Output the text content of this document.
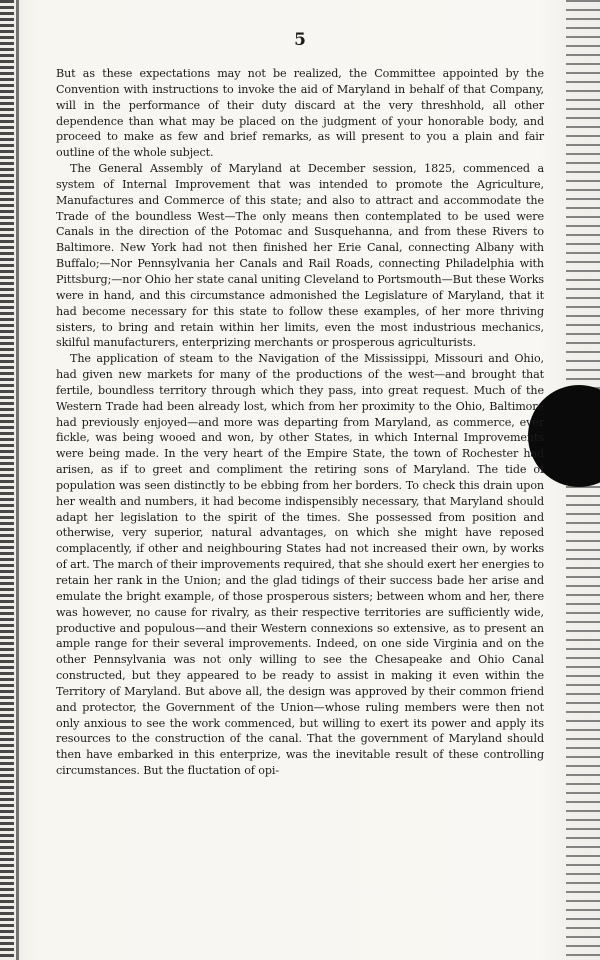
5

But as these expectations may not be realized, the Committee appointed by the Convention with instructions to invoke the aid of Maryland in behalf of that Company, will in the performance of their duty discard at the very threshhold, all other dependence than what may be placed on the judgment of your honorable body, and proceed to make as few and brief remarks, as will present to you a plain and fair outline of the whole subject.

The General Assembly of Maryland at December session, 1825, commenced a system of Internal Improvement that was intended to promote the Agriculture, Manufactures and Commerce of this state; and also to attract and accommodate the Trade of the boundless West—The only means then contemplated to be used were Canals in the direction of the Potomac and Susquehanna, and from these Rivers to Baltimore. New York had not then finished her Erie Canal, connecting Albany with Buffalo;—Nor Pennsylvania her Canals and Rail Roads, connecting Philadelphia with Pittsburg;—nor Ohio her state canal uniting Cleveland to Portsmouth—But these Works were in hand, and this circumstance admonished the Legislature of Maryland, that it had become necessary for this state to follow these examples, of her more thriving sisters, to bring and retain within her limits, even the most industrious mechanics, skilful manufacturers, enterprizing merchants or prosperous agriculturists.

The application of steam to the Navigation of the Mississippi, Missouri and Ohio, had given new markets for many of the productions of the west—and brought that fertile, boundless territory through which they pass, into great request. Much of the Western Trade had been already lost, which from her proximity to the Ohio, Baltimore had previously enjoyed—and more was departing from Maryland, as commerce, ever fickle, was being wooed and won, by other States, in which Internal Improvements were being made. In the very heart of the Empire State, the town of Rochester had arisen, as if to greet and compliment the retiring sons of Maryland. The tide of population was seen distinctly to be ebbing from her borders. To check this drain upon her wealth and numbers, it had become indispensibly necessary, that Maryland should adapt her legislation to the spirit of the times. She possessed from position and otherwise, very superior, natural advantages, on which she might have reposed complacently, if other and neighbouring States had not increased their own, by works of art. The march of their improvements required, that she should exert her energies to retain her rank in the Union; and the glad tidings of their success bade her arise and emulate the bright example, of those prosperous sisters; between whom and her, there was however, no cause for rivalry, as their respective territories are sufficiently wide, productive and populous—and their Western connexions so extensive, as to present an ample range for their several improvements. Indeed, on one side Virginia and on the other Pennsylvania was not only willing to see the Chesapeake and Ohio Canal constructed, but they appeared to be ready to assist in making it even within the Territory of Maryland. But above all, the design was approved by their common friend and protector, the Government of the Union—whose ruling members were then not only anxious to see the work commenced, but willing to exert its power and apply its resources to the construction of the canal. That the government of Maryland should then have embarked in this enterprize, was the inevitable result of these controlling circumstances. But the fluctation of opi-
